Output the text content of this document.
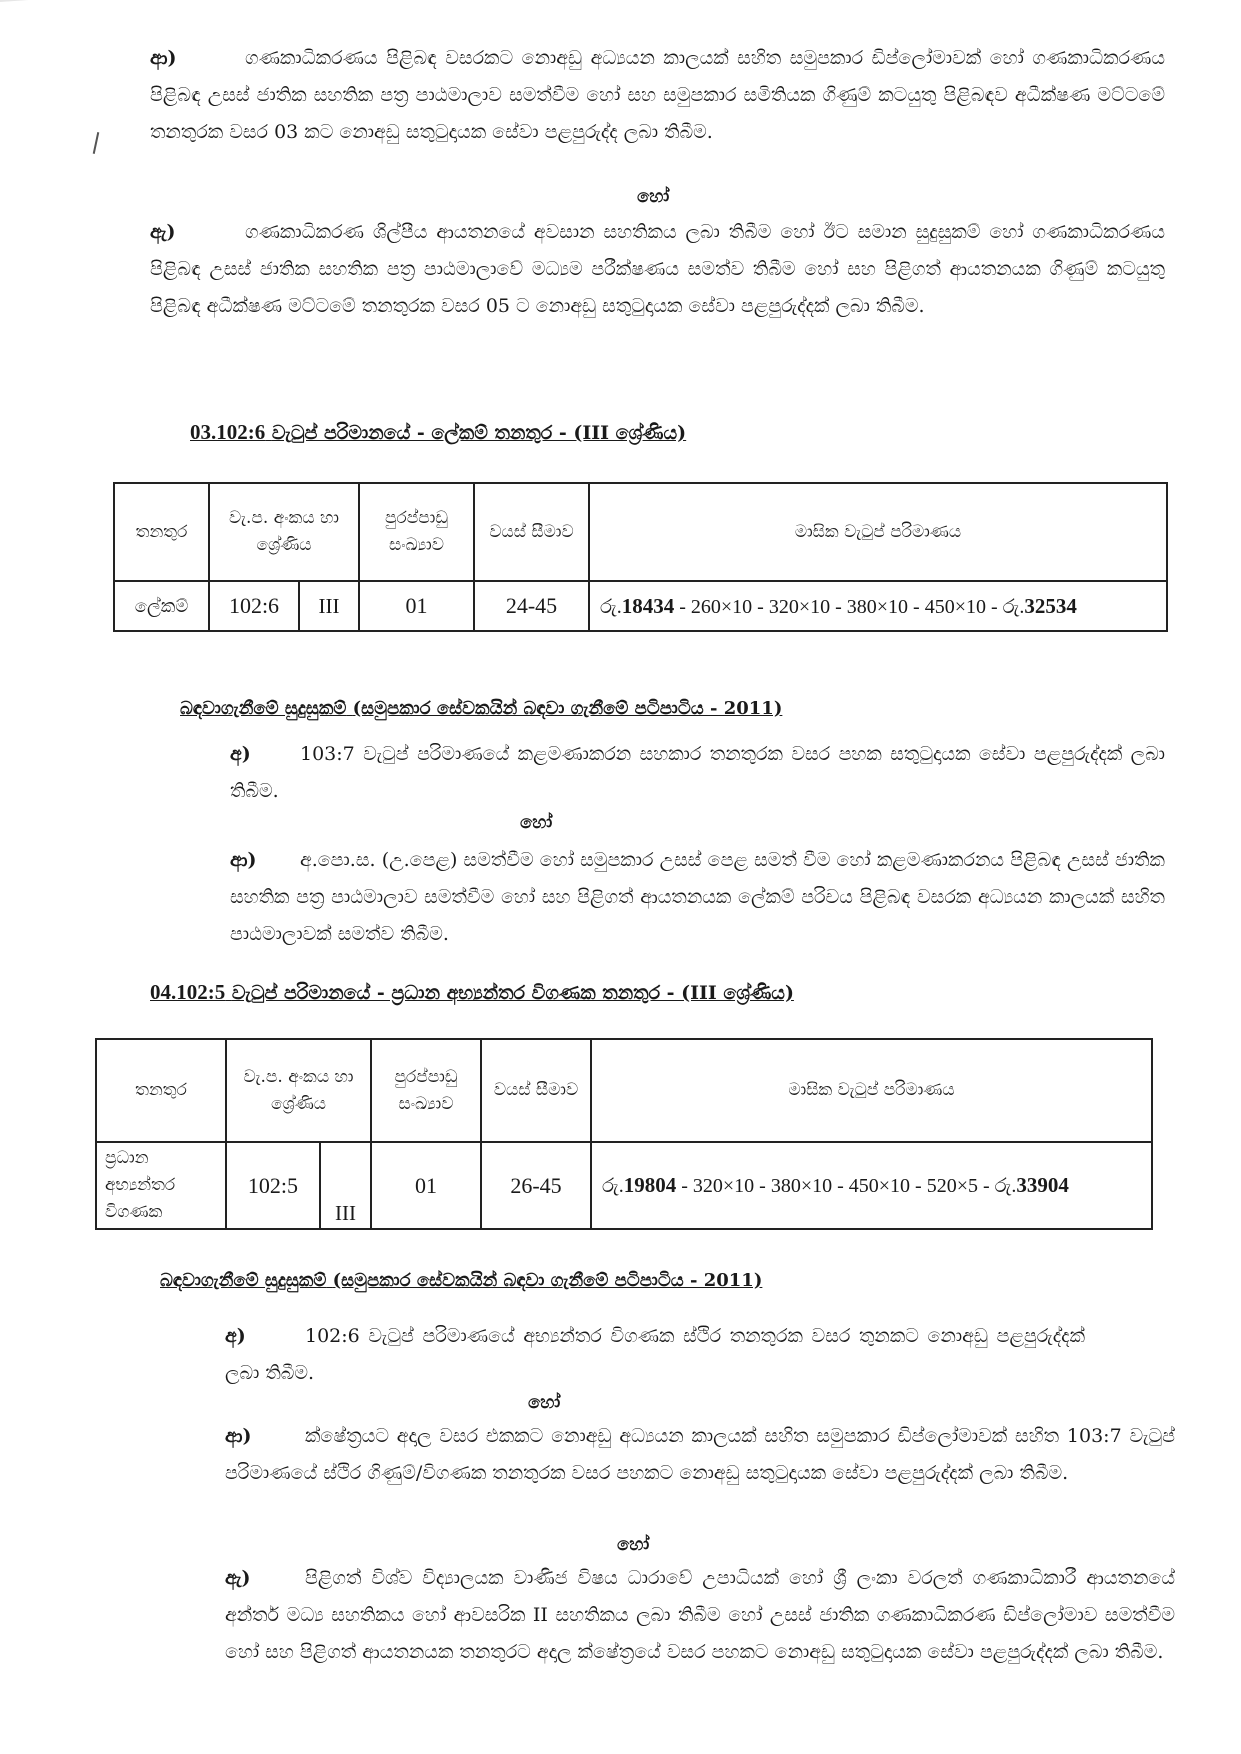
ආ)	ගණකාධිකරණය පිළිබඳ වසරකට නොඅඩු අධ්‍යයන කාලයක් සහිත සමුපකාර ඩිප්ලෝමාවක් හෝ ගණකාධිකරණය පිළිබඳ උසස් ජාතික සහතික පත්‍ර පාඨමාලාව සමත්වීම හෝ සහ සමුපකාර සමිතියක ගිණුම් කටයුතු පිළිබඳව අධීක්ෂණ මට්ටමේ තනතුරක වසර 03 කට නොඅඩු සතුටුදායක සේවා පළපුරුද්ද ලබා තිබීම.
හෝ
ඇ)	ගණකාධිකරණ ශිල්පීය ආයතනයේ අවසාන සහතිකය ලබා තිබීම හෝ ඊට සමාන සුදුසුකම් හෝ ගණකාධිකරණය පිළිබඳ උසස් ජාතික සහතික පත්‍ර පාඨමාලාවේ මධ්‍යම පරීක්ෂණය සමත්ව තිබීම හෝ සහ පිළිගත් ආයතනයක ගිණුම් කටයුතු පිළිබඳ අධීක්ෂණ මට්ටමේ තනතුරක වසර 05 ට නොඅඩු සතුටුදායක සේවා පළපුරුද්දක් ලබා තිබීම.
03.102:6 වැටුප් පරිමානයේ - ලේකම් තනතුර - (III ශ්‍රේණිය)
තනතුර	වැ.ප. අංකය හා ශ්‍රේණිය		පුරප්පාඩු සංඛ්‍යාව	වයස් සීමාව	මාසික වැටුප් පරිමාණය
ලේකම්	102:6	III	01	24-45	රු.18434 - 260×10 - 320×10 - 380×10 - 450×10 - රු.32534
බඳවාගැනීමේ සුදුසුකම් (සමුපකාර සේවකයින් බඳවා ගැනීමේ පටිපාටිය - 2011)
අ)	103:7 වැටුප් පරිමාණයේ කළමණාකරන සහකාර තනතුරක වසර පහක සතුටුදායක සේවා පළපුරුද්දක් ලබා තිබීම.
හෝ
ආ) අ.පො.ස. (උ.පෙළ) සමත්වීම හෝ සමුපකාර උසස් පෙළ සමත් වීම හෝ කළමණාකරනය පිළිබඳ උසස් ජාතික සහතික පත්‍ර පාඨමාලාව සමත්වීම හෝ සහ පිළිගත් ආයතනයක ලේකම් පරිචය පිළිබඳ වසරක අධ්‍යයන කාලයක් සහිත පාඨමාලාවක් සමත්ව තිබීම.
04.102:5 වැටුප් පරිමානයේ - ප්‍රධාන අභ්‍යන්තර විගණක තනතුර - (III ශ්‍රේණිය)
තනතුර	වැ.ප. අංකය හා ශ්‍රේණිය		පුරප්පාඩු සංඛ්‍යාව	වයස් සීමාව	මාසික වැටුප් පරිමාණය
ප්‍රධාන අභ්‍යන්තර විගණක	102:5	III	01	26-45	රු.19804 - 320×10 - 380×10 - 450×10 - 520×5 - රු.33904
බඳවාගැනීමේ සුදුසුකම් (සමුපකාර සේවකයින් බඳවා ගැනීමේ පටිපාටිය - 2011)
අ)	102:6 වැටුප් පරිමාණයේ අභ්‍යන්තර විගණක ස්ථිර තනතුරක වසර තුනකට නොඅඩු පළපුරුද්දක් ලබා තිබීම.
හෝ
ආ)	ක්ෂේත්‍රයට අදාල වසර එකකට නොඅඩු අධ්‍යයන කාලයක් සහිත සමුපකාර ඩිප්ලෝමාවක් සහිත 103:7 වැටුප් පරිමාණයේ ස්ථිර ගිණුම්/විගණක තනතුරක වසර පහකට නොඅඩු සතුටුදායක සේවා පළපුරුද්දක් ලබා තිබීම.
හෝ
ඇ)	පිළිගත් විශ්ව විද්‍යාලයක වාණිජ විෂය ධාරාවේ උපාධියක් හෝ ශ්‍රී ලංකා වරලත් ගණකාධිකාරී ආයතනයේ අන්තර් මධ්‍ය සහතිකය හෝ ආවසරික II සහතිකය ලබා තිබීම හෝ උසස් ජාතික ගණකාධිකරණ ඩිප්ලෝමාව සමත්වීම හෝ සහ පිළිගත් ආයතනයක තනතුරට අදාල ක්ෂේත්‍රයේ වසර පහකට නොඅඩු සතුටුදායක සේවා පළපුරුද්දක් ලබා තිබීම.
